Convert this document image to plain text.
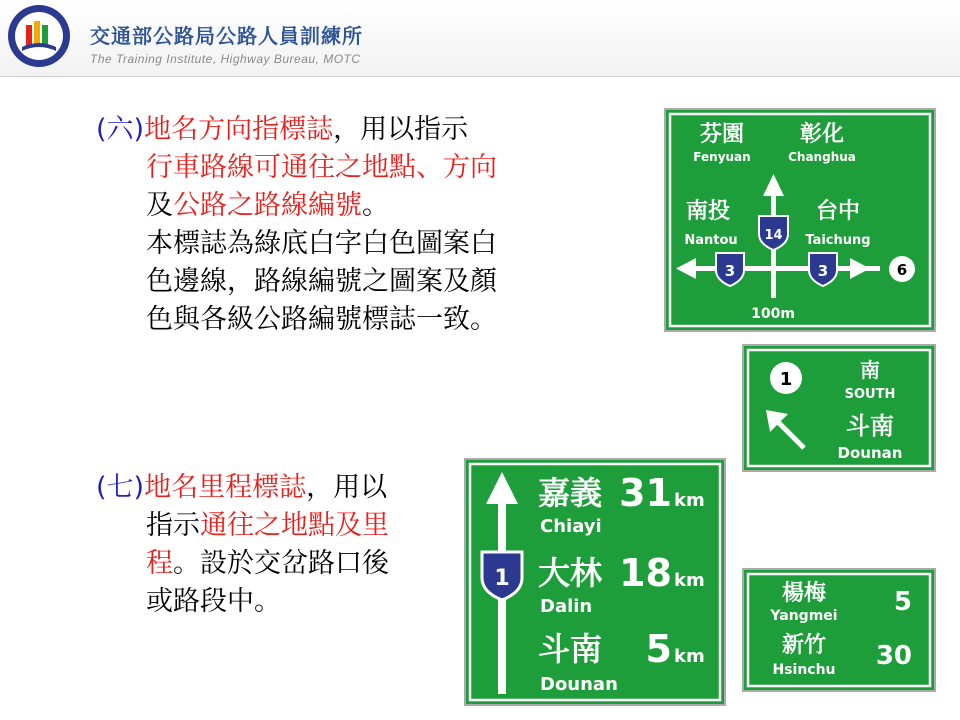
交通部公路局公路人員訓練所
The Training Institute, Highway Bureau, MOTC
(六)地名方向指標誌，用以指示
行車路線可通往之地點、方向
及公路之路線編號。
本標誌為綠底白字白色圖案白
色邊線，路線編號之圖案及顏
色與各級公路編號標誌一致。
(七)地名里程標誌，用以
指示通往之地點及里
程。設於交岔路口後
或路段中。
芬園
Fenyuan
彰化
Changhua
南投
Nantou
台中
Taichung
14
3	3	6
100m
1	南
SOUTH
斗南
Dounan
1
嘉義
Chiayi
31 km
大林
Dalin
18 km
斗南
Dounan
5 km
楊梅
Yangmei 5
新竹
Hsinchu 30
